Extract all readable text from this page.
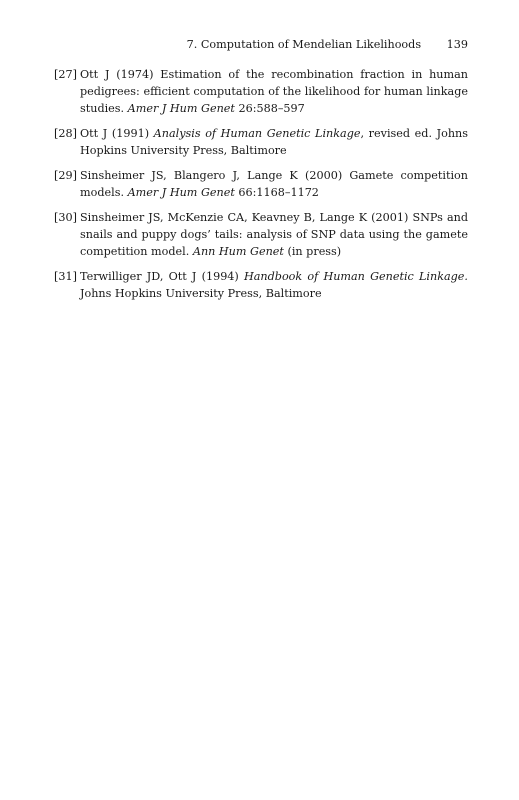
7. Computation of Mendelian Likelihoods 139
[27] Ott J (1974) Estimation of the recombination fraction in human pedigrees: efficient computation of the likelihood for human linkage studies. Amer J Hum Genet 26:588–597
[28] Ott J (1991) Analysis of Human Genetic Linkage, revised ed. Johns Hopkins University Press, Baltimore
[29] Sinsheimer JS, Blangero J, Lange K (2000) Gamete competition models. Amer J Hum Genet 66:1168–1172
[30] Sinsheimer JS, McKenzie CA, Keavney B, Lange K (2001) SNPs and snails and puppy dogs’ tails: analysis of SNP data using the gamete competition model. Ann Hum Genet (in press)
[31] Terwilliger JD, Ott J (1994) Handbook of Human Genetic Linkage. Johns Hopkins University Press, Baltimore
